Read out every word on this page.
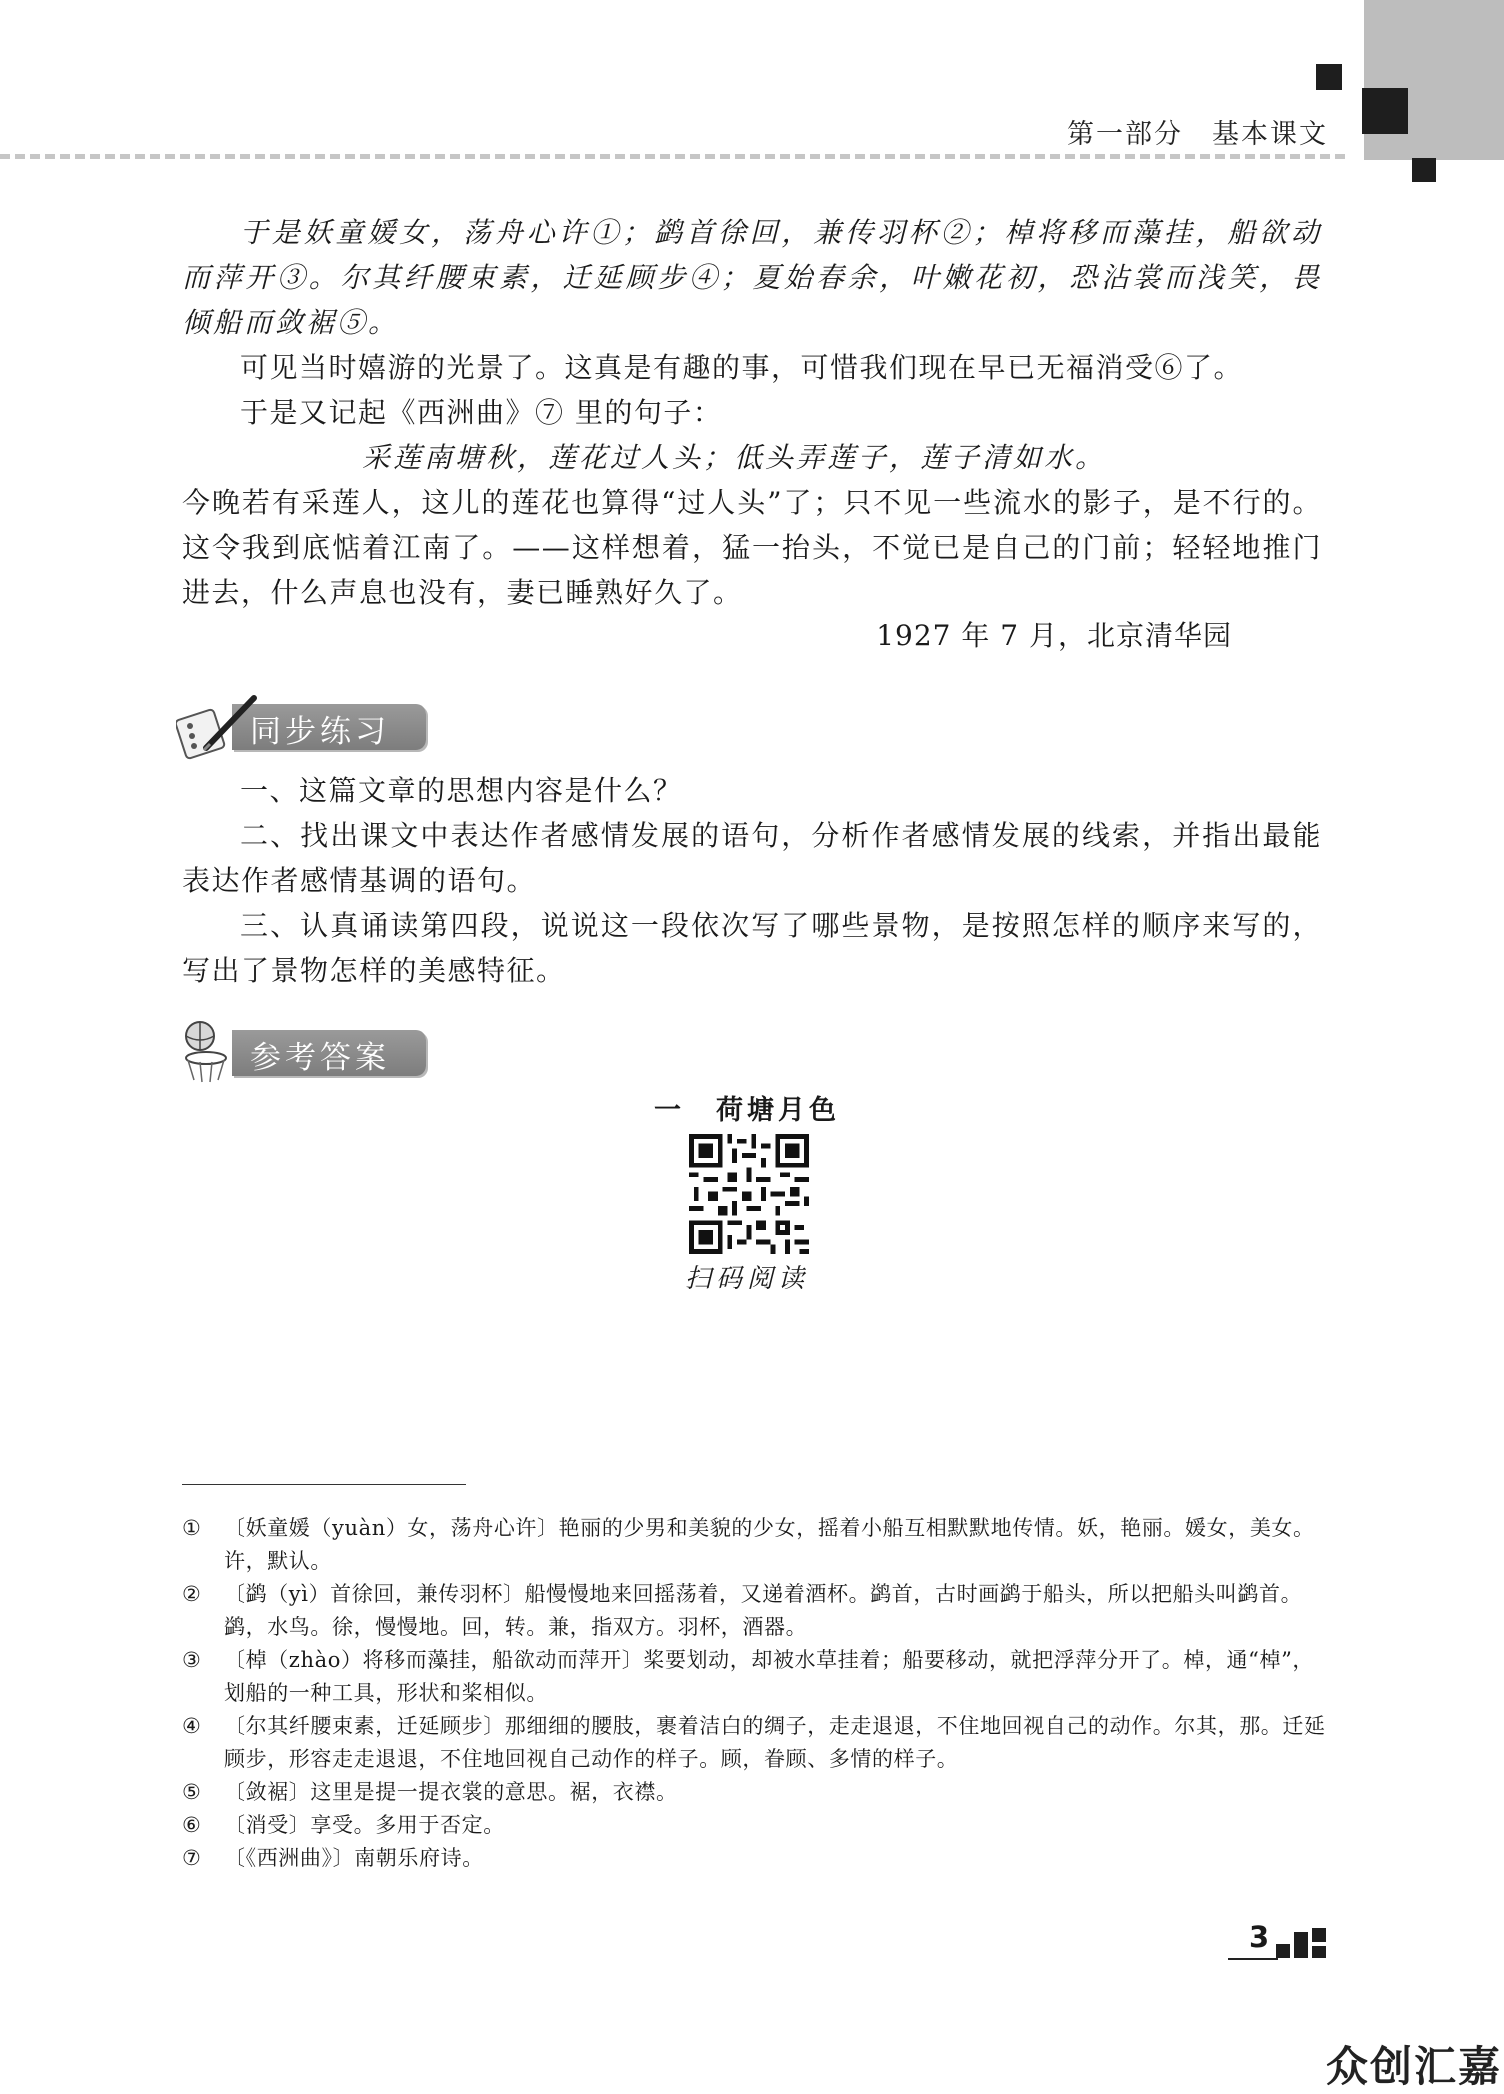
第一部分　基本课文
于是妖童媛女，荡舟心许①；鹢首徐回，兼传羽杯②；棹将移而藻挂，船欲动而萍开③。尔其纤腰束素，迁延顾步④；夏始春余，叶嫩花初，恐沾裳而浅笑，畏倾船而敛裾⑤。
可见当时嬉游的光景了。这真是有趣的事，可惜我们现在早已无福消受⑥了。
于是又记起《西洲曲》⑦ 里的句子：
采莲南塘秋，莲花过人头；低头弄莲子，莲子清如水。
今晚若有采莲人，这儿的莲花也算得“过人头”了；只不见一些流水的影子，是不行的。这令我到底惦着江南了。——这样想着，猛一抬头，不觉已是自己的门前；轻轻地推门进去，什么声息也没有，妻已睡熟好久了。
1927 年 7 月，北京清华园
同步练习
一、这篇文章的思想内容是什么？
二、找出课文中表达作者感情发展的语句，分析作者感情发展的线索，并指出最能表达作者感情基调的语句。
三、认真诵读第四段，说说这一段依次写了哪些景物，是按照怎样的顺序来写的，写出了景物怎样的美感特征。
参考答案
一　荷塘月色
扫码阅读
① 〔妖童媛（yuàn）女，荡舟心许〕艳丽的少男和美貌的少女，摇着小船互相默默地传情。妖，艳丽。媛女，美女。许，默认。
② 〔鹢（yì）首徐回，兼传羽杯〕船慢慢地来回摇荡着，又递着酒杯。鹢首，古时画鹢于船头，所以把船头叫鹢首。鹢，水鸟。徐，慢慢地。回，转。兼，指双方。羽杯，酒器。
③ 〔棹（zhào）将移而藻挂，船欲动而萍开〕桨要划动，却被水草挂着；船要移动，就把浮萍分开了。棹，通“棹”，划船的一种工具，形状和桨相似。
④ 〔尔其纤腰束素，迁延顾步〕那细细的腰肢，裹着洁白的绸子，走走退退，不住地回视自己的动作。尔其，那。迁延顾步，形容走走退退，不住地回视自己动作的样子。顾，眷顾、多情的样子。
⑤ 〔敛裾〕这里是提一提衣裳的意思。裾，衣襟。
⑥ 〔消受〕享受。多用于否定。
⑦ 〔《西洲曲》〕南朝乐府诗。
3
众创汇嘉
